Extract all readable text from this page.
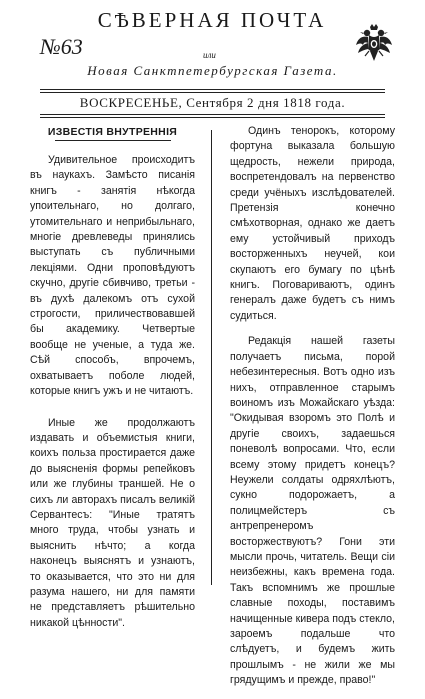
СѢВЕРНАЯ ПОЧТА
№63	или
Новая Санктпетербургская Газета.
ВОСКРЕСЕНЬЕ, Сентября 2 дня 1818 года.
ИЗВЕСТІЯ ВНУТРЕННІЯ

Удивительное происходитъ въ наукахъ. Замѣсто писанія книгъ - занятія нѣкогда упоительнаго, но долгаго, утомительнаго и неприбыльнаго, многіе древлеведы принялись выступать съ публичными лекціями. Одни проповѣдуютъ скучно, другіе сбивчиво, третьи - въ духѣ далекомъ отъ сухой строгости, приличествовавшей бы академику. Четвертые вообще не ученые, а туда же. Сѣй способъ, впрочемъ, охватываетъ поболе людей, которые книгъ ужъ и не читаютъ.

Иные же продолжаютъ издавать и объемистыя книги, коихъ польза простирается даже до выясненія формы репейковъ или же глубины траншей. Не о сихъ ли авторахъ писалъ великій Сервантесъ: "Иные тратятъ много труда, чтобы узнать и выяснить нѣчто; а когда наконецъ выяснятъ и узнаютъ, то оказывается, что это ни для разума нашего, ни для памяти не представляетъ рѣшительно никакой цѣнности".

Одинъ тенорокъ, которому фортуна выказала большую щедрость, нежели природа, воспретендовалъ на первенство среди учёныхъ изслѣдователей. Претензія конечно смѣхотворная, однако же даетъ ему устойчивый приходъ восторженныхъ неучей, кои скупаютъ его бумагу по цѣнѣ книгъ. Поговариваютъ, одинъ генералъ даже будетъ съ нимъ судиться.

Редакція нашей газеты получаетъ письма, порой небезинтересныя. Вотъ одно изъ нихъ, отправленное старымъ воиномъ изъ Можайскаго уѣзда: "Окидывая взоромъ это Полѣ и другіе своихъ, задаешься поневолѣ вопросами. Что, если всему этому придетъ конецъ? Неужели солдаты одряхлѣютъ, сукно подорожаетъ, а полицмейстеръ съ антрепренеромъ восторжествуютъ? Гони эти мысли прочь, читатель. Вещи сіи неизбежны, какъ времена года. Такъ вспомнимъ же прошлые славные походы, поставимъ начищенные кивера подъ стекло, зароемъ подальше что слѣдуетъ, и будемъ жить прошлымъ - не жили же мы грядущимъ и прежде, право!"
